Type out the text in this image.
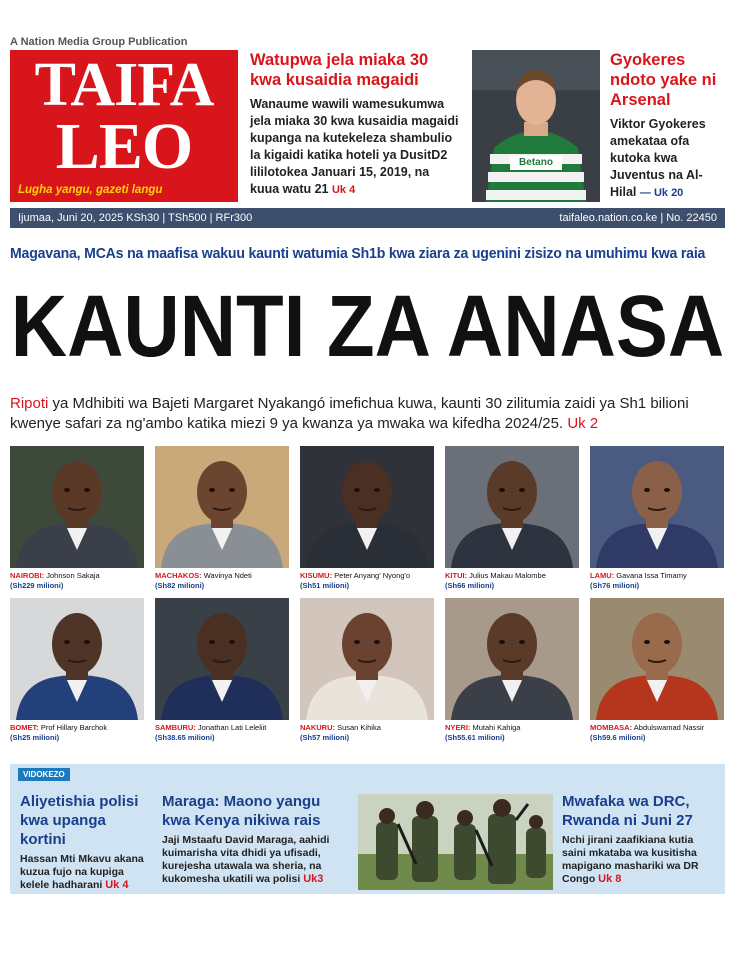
A Nation Media Group Publication
TAIFA
LEO
Lugha yangu, gazeti langu
Watupwa jela miaka 30 kwa kusaidia magaidi
Wanaume wawili wamesukumwa jela miaka 30 kwa kusaidia magaidi kupanga na kutekeleza shambulio la kigaidi katika hoteli ya DusitD2 lililotokea Januari 15, 2019, na kuua watu 21 Uk 4
Betano
Gyokeres ndoto yake ni Arsenal
Viktor Gyokeres amekataa ofa kutoka kwa Juventus na Al-Hilal — Uk 20
Ijumaa, Juni 20, 2025 KSh30 | TSh500 | RFr300	taifaleo.nation.co.ke | No. 22450
Magavana, MCAs na maafisa wakuu kaunti watumia Sh1b kwa ziara za ugenini zisizo na umuhimu kwa raia
KAUNTI ZA ANASA
Ripoti ya Mdhibiti wa Bajeti Margaret Nyakangó imefichua kuwa, kaunti 30 zilitumia zaidi ya Sh1 bilioni kwenye safari za ng'ambo katika miezi 9 ya kwanza ya mwaka wa kifedha 2024/25. Uk 2
NAIROBI: Johnson Sakaja
(Sh229 milioni)
MACHAKOS: Wavinya Ndeti
(Sh82 milioni)
KISUMU: Peter Anyang' Nyong'o
(Sh51 milioni)
KITUI: Julius Makau Malombe
(Sh66 milioni)
LAMU: Gavana Issa Timamy
(Sh76 milioni)
BOMET: Prof Hillary Barchok
(Sh25 milioni)
SAMBURU: Jonathan Lati Leleliit
(Sh38.65 milioni)
NAKURU: Susan Kihika
(Sh57 milioni)
NYERI: Mutahi Kahiga
(Sh55.61 milioni)
MOMBASA: Abdulswamad Nassir
(Sh59.6 milioni)
VIDOKEZO
Aliyetishia polisi kwa upanga kortini
Hassan Mti Mkavu akana kuzua fujo na kupiga kelele hadharani Uk 4
Maraga: Maono yangu kwa Kenya nikiwa rais
Jaji Mstaafu David Maraga, aahidi kuimarisha vita dhidi ya ufisadi, kurejesha utawala wa sheria, na kukomesha ukatili wa polisi Uk3
Mwafaka wa DRC, Rwanda ni Juni 27
Nchi jirani zaafikiana kutia saini mkataba wa kusitisha mapigano mashariki wa DR Congo Uk 8
